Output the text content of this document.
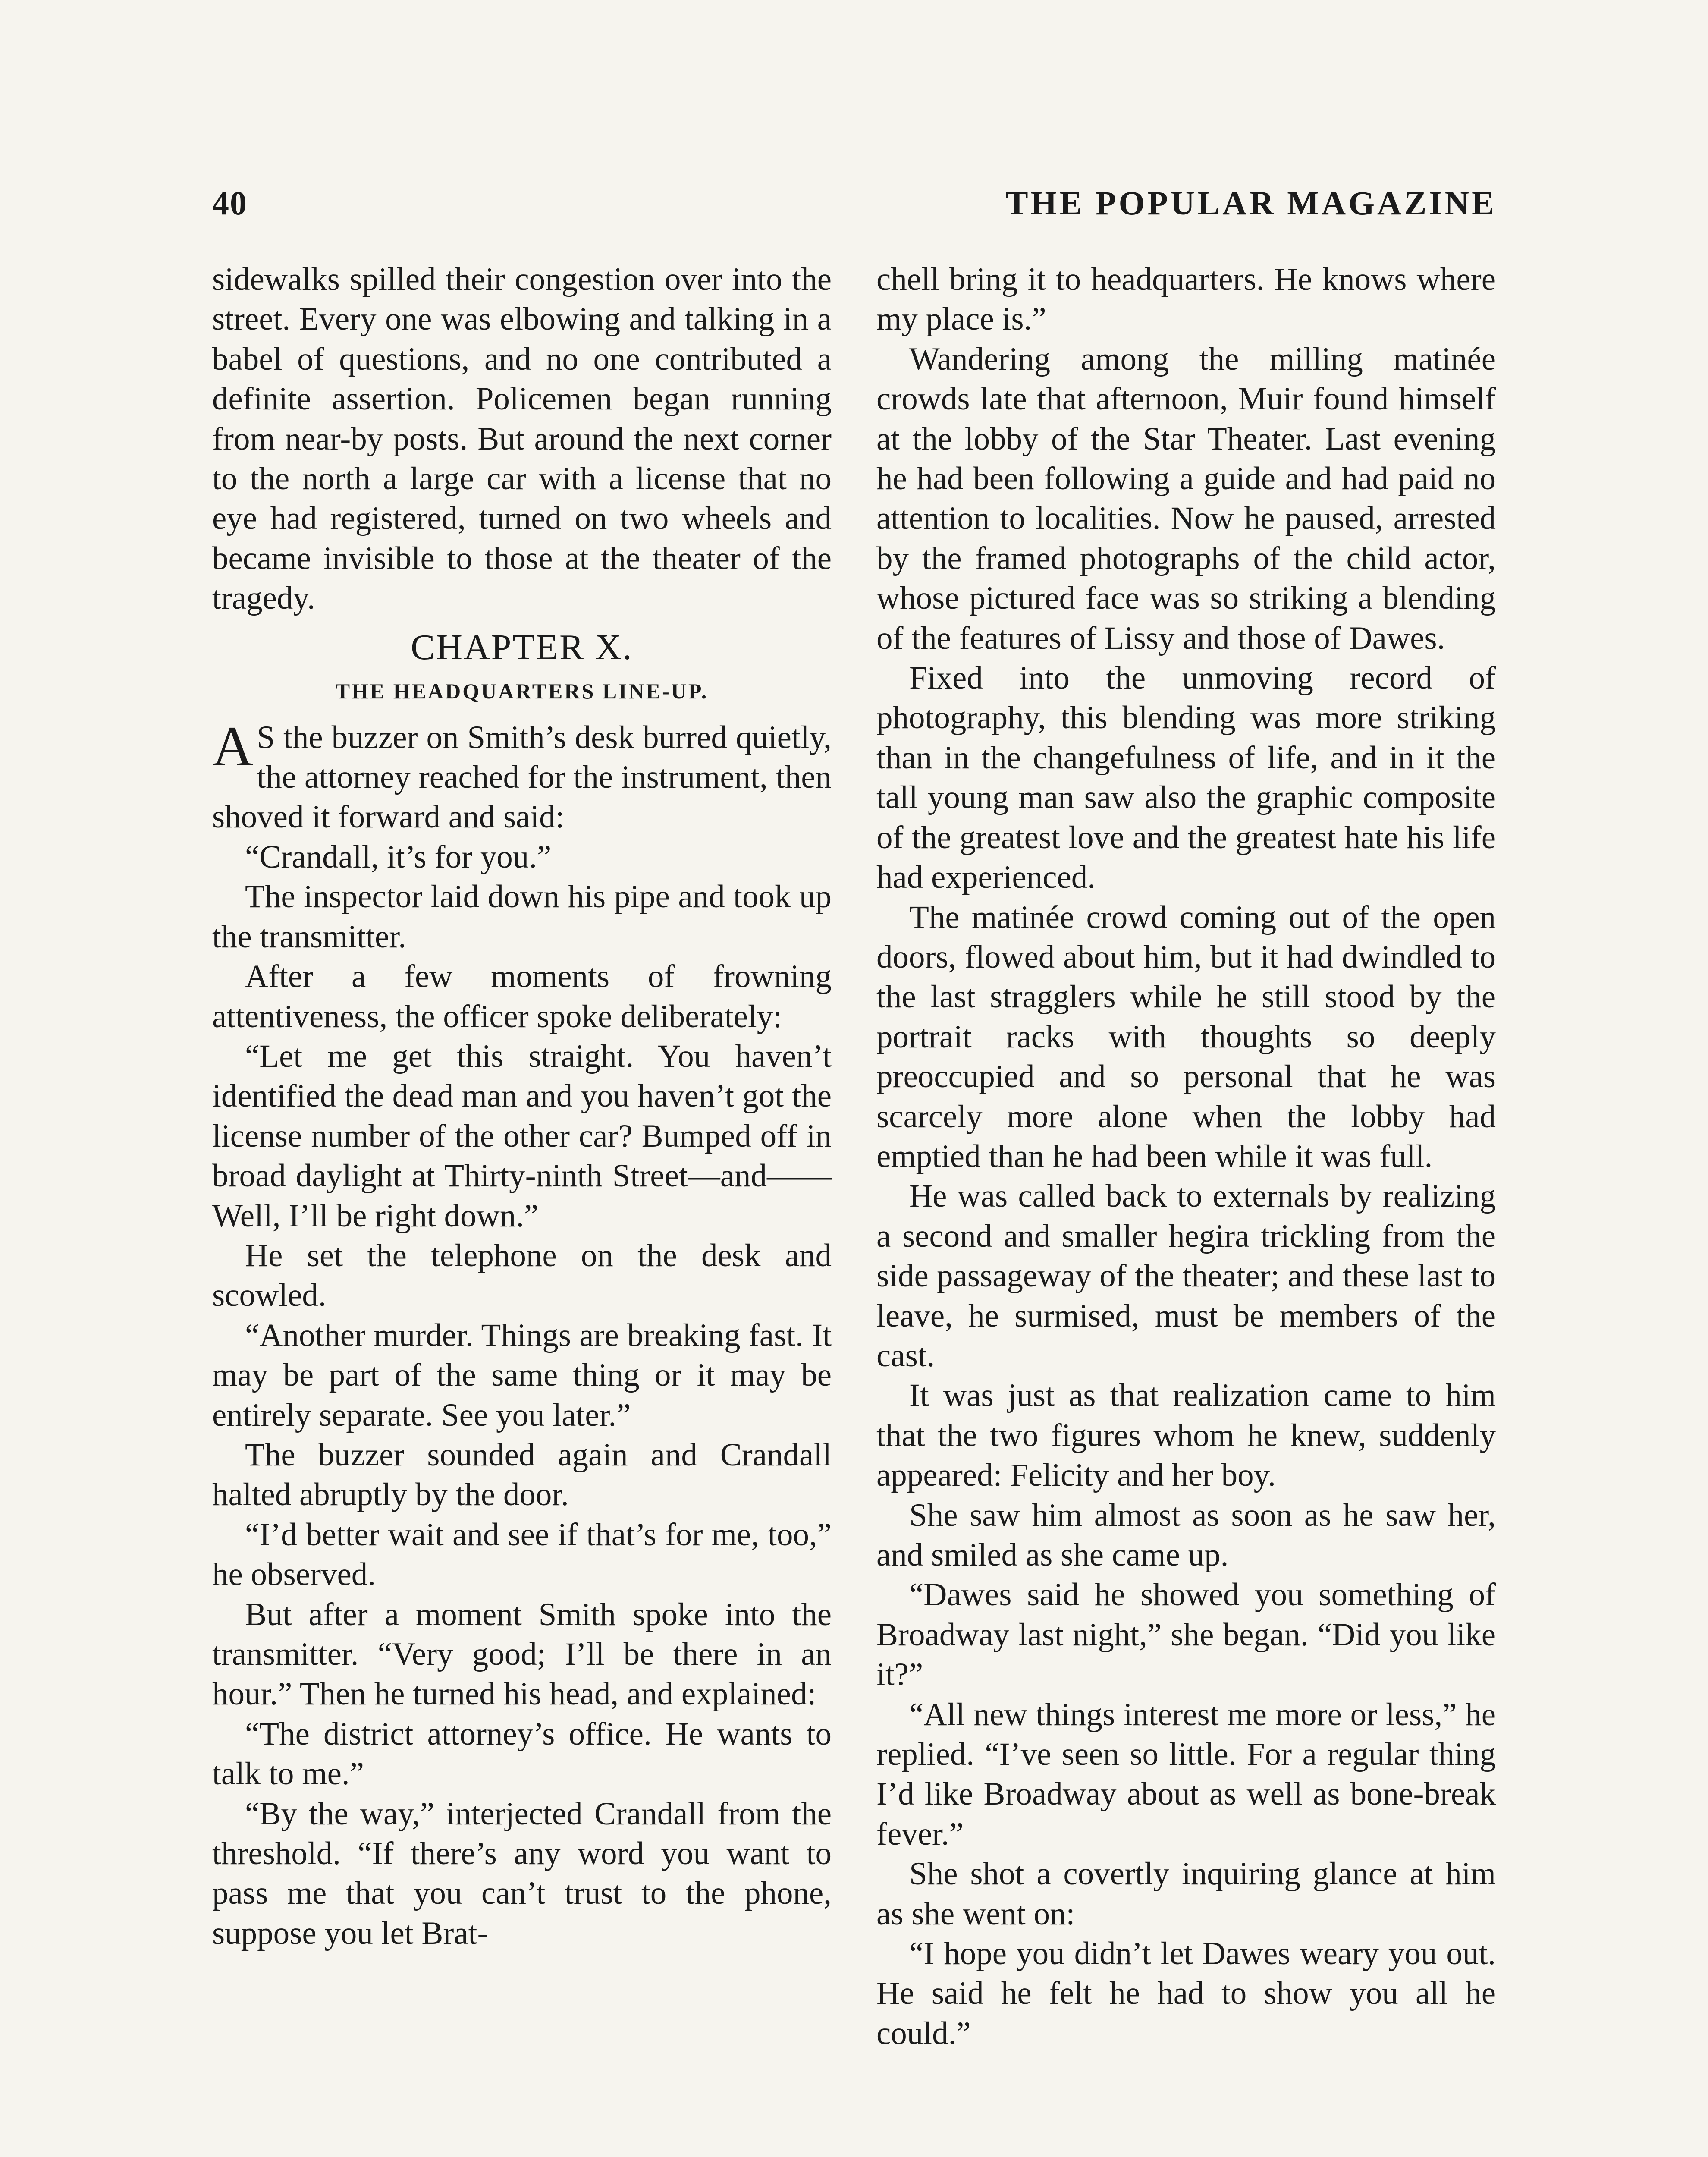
40	THE POPULAR MAGAZINE

sidewalks spilled their congestion over into the street. Every one was elbowing and talking in a babel of questions, and no one contributed a definite assertion. Policemen began running from near-by posts. But around the next corner to the north a large car with a license that no eye had registered, turned on two wheels and became invisible to those at the theater of the tragedy.

CHAPTER X.
THE HEADQUARTERS LINE-UP.

A S the buzzer on Smith’s desk burred quietly, the attorney reached for the instrument, then shoved it forward and said:

“Crandall, it’s for you.”

The inspector laid down his pipe and took up the transmitter.

After a few moments of frowning attentiveness, the officer spoke deliberately:

“Let me get this straight. You haven’t identified the dead man and you haven’t got the license number of the other car? Bumped off in broad daylight at Thirty-ninth Street—and—— Well, I’ll be right down.”

He set the telephone on the desk and scowled.

“Another murder. Things are breaking fast. It may be part of the same thing or it may be entirely separate. See you later.”

The buzzer sounded again and Crandall halted abruptly by the door.

“I’d better wait and see if that’s for me, too,” he observed.

But after a moment Smith spoke into the transmitter. “Very good; I’ll be there in an hour.” Then he turned his head, and explained:

“The district attorney’s office. He wants to talk to me.”

“By the way,” interjected Crandall from the threshold. “If there’s any word you want to pass me that you can’t trust to the phone, suppose you let Brat-

chell bring it to headquarters. He knows where my place is.”

Wandering among the milling matinée crowds late that afternoon, Muir found himself at the lobby of the Star Theater. Last evening he had been following a guide and had paid no attention to localities. Now he paused, arrested by the framed photographs of the child actor, whose pictured face was so striking a blending of the features of Lissy and those of Dawes.

Fixed into the unmoving record of photography, this blending was more striking than in the changefulness of life, and in it the tall young man saw also the graphic composite of the greatest love and the greatest hate his life had experienced.

The matinée crowd coming out of the open doors, flowed about him, but it had dwindled to the last stragglers while he still stood by the portrait racks with thoughts so deeply preoccupied and so personal that he was scarcely more alone when the lobby had emptied than he had been while it was full.

He was called back to externals by realizing a second and smaller hegira trickling from the side passageway of the theater; and these last to leave, he surmised, must be members of the cast.

It was just as that realization came to him that the two figures whom he knew, suddenly appeared: Felicity and her boy.

She saw him almost as soon as he saw her, and smiled as she came up.

“Dawes said he showed you something of Broadway last night,” she began. “Did you like it?”

“All new things interest me more or less,” he replied. “I’ve seen so little. For a regular thing I’d like Broadway about as well as bone-break fever.”

She shot a covertly inquiring glance at him as she went on:

“I hope you didn’t let Dawes weary you out. He said he felt he had to show you all he could.”
